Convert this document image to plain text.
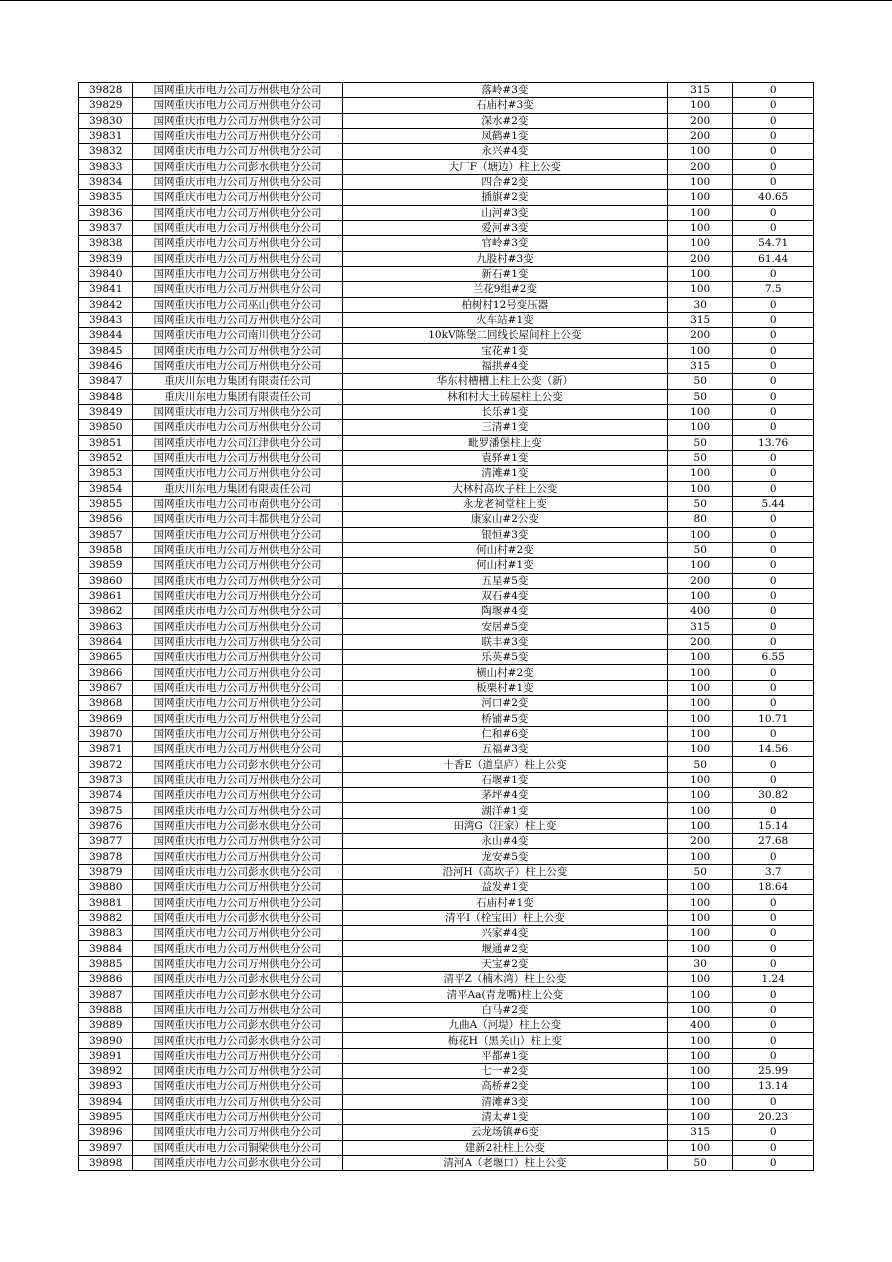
39828	国网重庆市电力公司万州供电分公司	落岭#3变	315	0
39829	国网重庆市电力公司万州供电分公司	石庙村#3变	100	0
39830	国网重庆市电力公司万州供电分公司	深水#2变	200	0
39831	国网重庆市电力公司万州供电分公司	凤鹤#1变	200	0
39832	国网重庆市电力公司万州供电分公司	永兴#4变	100	0
39833	国网重庆市电力公司彭水供电分公司	大厂F（塘边）柱上公变	200	0
39834	国网重庆市电力公司万州供电分公司	四合#2变	100	0
39835	国网重庆市电力公司万州供电分公司	插旗#2变	100	40.65
39836	国网重庆市电力公司万州供电分公司	山河#3变	100	0
39837	国网重庆市电力公司万州供电分公司	爱河#3变	100	0
39838	国网重庆市电力公司万州供电分公司	官岭#3变	100	54.71
39839	国网重庆市电力公司万州供电分公司	九股村#3变	200	61.44
39840	国网重庆市电力公司万州供电分公司	新石#1变	100	0
39841	国网重庆市电力公司万州供电分公司	兰花9组#2变	100	7.5
39842	国网重庆市电力公司巫山供电分公司	柏树村12号变压器	30	0
39843	国网重庆市电力公司万州供电分公司	火车站#1变	315	0
39844	国网重庆市电力公司南川供电分公司	10kV陈堡二回线长屋间柱上公变	200	0
39845	国网重庆市电力公司万州供电分公司	宝花#1变	100	0
39846	国网重庆市电力公司万州供电分公司	福拱#4变	315	0
39847	重庆川东电力集团有限责任公司	华东村槽槽上柱上公变（新）	50	0
39848	重庆川东电力集团有限责任公司	林和村大土砖屋柱上公变	50	0
39849	国网重庆市电力公司万州供电分公司	长乐#1变	100	0
39850	国网重庆市电力公司万州供电分公司	三清#1变	100	0
39851	国网重庆市电力公司江津供电分公司	毗罗潘堡柱上变	50	13.76
39852	国网重庆市电力公司万州供电分公司	袁驿#1变	50	0
39853	国网重庆市电力公司万州供电分公司	清滩#1变	100	0
39854	重庆川东电力集团有限责任公司	大林村高坎子柱上公变	100	0
39855	国网重庆市电力公司市南供电分公司	永龙老祠堂柱上变	50	5.44
39856	国网重庆市电力公司丰都供电分公司	康家山#2公变	80	0
39857	国网重庆市电力公司万州供电分公司	银恒#3变	100	0
39858	国网重庆市电力公司万州供电分公司	何山村#2变	50	0
39859	国网重庆市电力公司万州供电分公司	何山村#1变	100	0
39860	国网重庆市电力公司万州供电分公司	五星#5变	200	0
39861	国网重庆市电力公司万州供电分公司	双石#4变	100	0
39862	国网重庆市电力公司万州供电分公司	陶堰#4变	400	0
39863	国网重庆市电力公司万州供电分公司	安居#5变	315	0
39864	国网重庆市电力公司万州供电分公司	联丰#3变	200	0
39865	国网重庆市电力公司万州供电分公司	乐英#5变	100	6.55
39866	国网重庆市电力公司万州供电分公司	横山村#2变	100	0
39867	国网重庆市电力公司万州供电分公司	板栗村#1变	100	0
39868	国网重庆市电力公司万州供电分公司	河口#2变	100	0
39869	国网重庆市电力公司万州供电分公司	桥铺#5变	100	10.71
39870	国网重庆市电力公司万州供电分公司	仁和#6变	100	0
39871	国网重庆市电力公司万州供电分公司	五福#3变	100	14.56
39872	国网重庆市电力公司彭水供电分公司	十香E（道皇庐）柱上公变	50	0
39873	国网重庆市电力公司万州供电分公司	石堰#1变	100	0
39874	国网重庆市电力公司万州供电分公司	茅坪#4变	100	30.82
39875	国网重庆市电力公司万州供电分公司	湖洋#1变	100	0
39876	国网重庆市电力公司彭水供电分公司	田湾G（汪家）柱上变	100	15.14
39877	国网重庆市电力公司万州供电分公司	永山#4变	200	27.68
39878	国网重庆市电力公司万州供电分公司	龙安#5变	100	0
39879	国网重庆市电力公司彭水供电分公司	沿河H（高坎子）柱上公变	50	3.7
39880	国网重庆市电力公司万州供电分公司	益发#1变	100	18.64
39881	国网重庆市电力公司万州供电分公司	石庙村#1变	100	0
39882	国网重庆市电力公司彭水供电分公司	清平I（栓宝田）柱上公变	100	0
39883	国网重庆市电力公司万州供电分公司	兴家#4变	100	0
39884	国网重庆市电力公司万州供电分公司	堰通#2变	100	0
39885	国网重庆市电力公司万州供电分公司	天宝#2变	30	0
39886	国网重庆市电力公司彭水供电分公司	清平Z（楠木湾）柱上公变	100	1.24
39887	国网重庆市电力公司彭水供电分公司	清平Aa(青龙嘴)柱上公变	100	0
39888	国网重庆市电力公司万州供电分公司	白马#2变	100	0
39889	国网重庆市电力公司彭水供电分公司	九曲A（河堤）柱上公变	400	0
39890	国网重庆市电力公司彭水供电分公司	梅花H（黑关山）柱上变	100	0
39891	国网重庆市电力公司万州供电分公司	平都#1变	100	0
39892	国网重庆市电力公司万州供电分公司	七一#2变	100	25.99
39893	国网重庆市电力公司万州供电分公司	高桥#2变	100	13.14
39894	国网重庆市电力公司万州供电分公司	清滩#3变	100	0
39895	国网重庆市电力公司万州供电分公司	清太#1变	100	20.23
39896	国网重庆市电力公司万州供电分公司	云龙场镇#6变	315	0
39897	国网重庆市电力公司铜梁供电分公司	建新2社柱上公变	100	0
39898	国网重庆市电力公司彭水供电分公司	清河A（老堰口）柱上公变	50	0
